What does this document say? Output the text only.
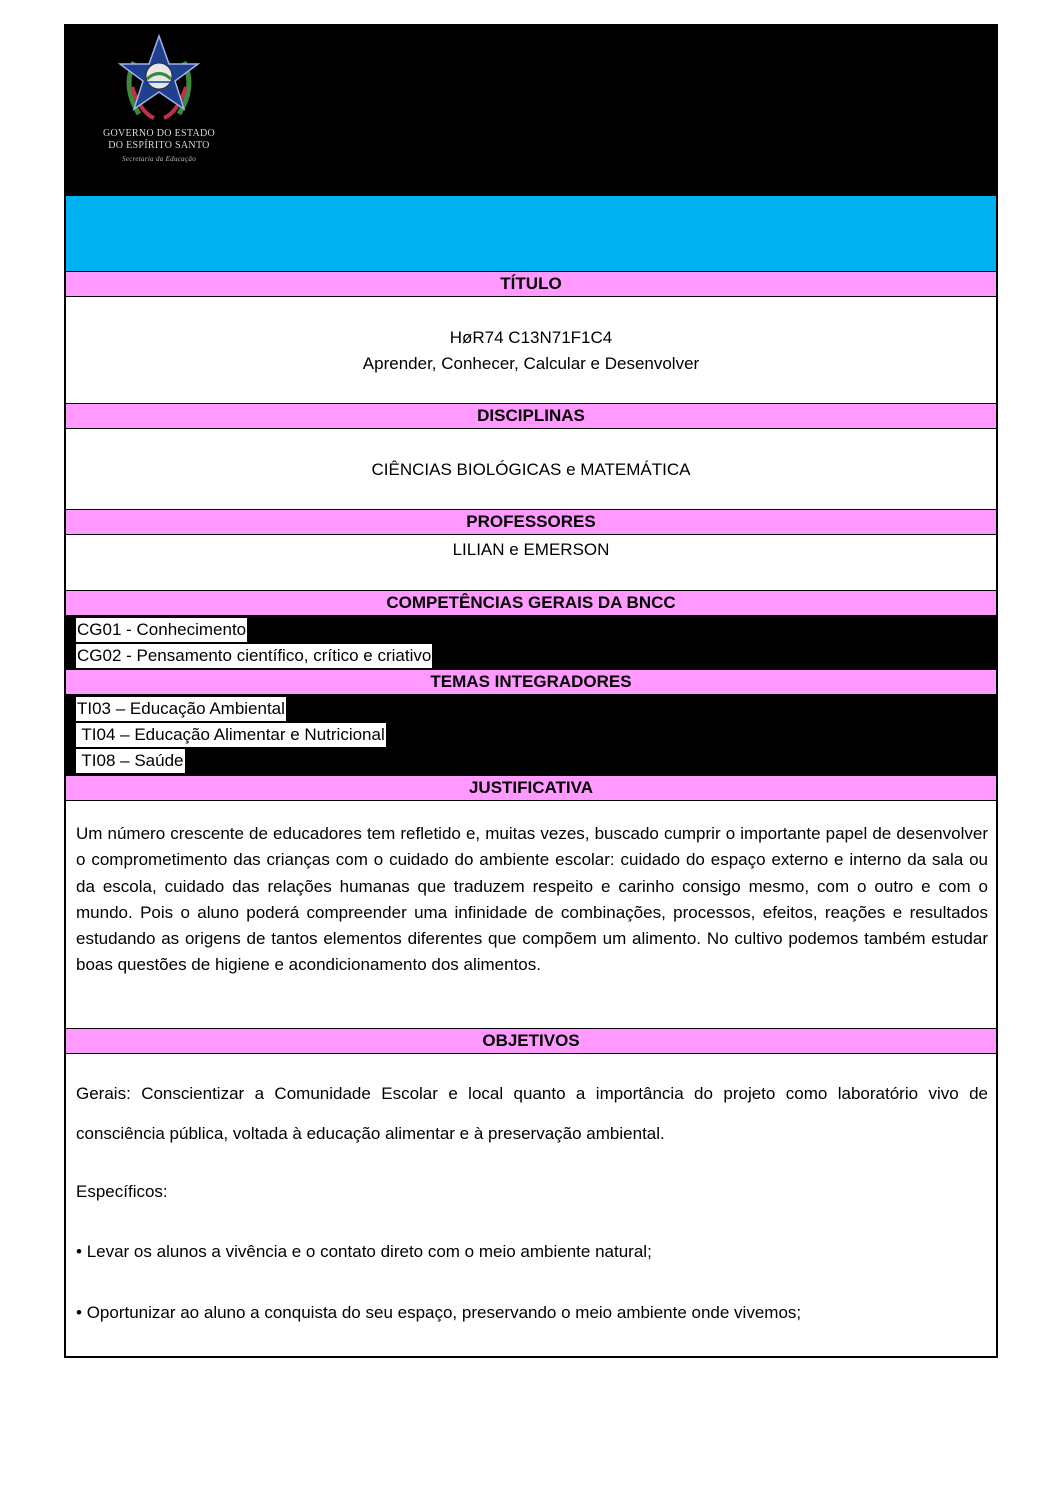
GOVERNO DO ESTADO
DO ESPÍRITO SANTO
Secretaria da Educação
TÍTULO
HøR74 C13N71F1C4
Aprender, Conhecer, Calcular e Desenvolver
DISCIPLINAS
CIÊNCIAS BIOLÓGICAS e MATEMÁTICA
PROFESSORES
LILIAN e EMERSON
COMPETÊNCIAS GERAIS DA BNCC
CG01 - Conhecimento
CG02 - Pensamento científico, crítico e criativo
TEMAS INTEGRADORES
TI03 – Educação Ambiental
TI04 – Educação Alimentar e Nutricional
TI08 – Saúde
JUSTIFICATIVA
Um número crescente de educadores tem refletido e, muitas vezes, buscado cumprir o importante papel de desenvolver o comprometimento das crianças com o cuidado do ambiente escolar: cuidado do espaço externo e interno da sala ou da escola, cuidado das relações humanas que traduzem respeito e carinho consigo mesmo, com o outro e com o mundo. Pois o aluno poderá compreender uma infinidade de combinações, processos, efeitos, reações e resultados estudando as origens de tantos elementos diferentes que compõem um alimento. No cultivo podemos também estudar boas questões de higiene e acondicionamento dos alimentos.
OBJETIVOS
Gerais: Conscientizar a Comunidade Escolar e local quanto a importância do projeto como laboratório vivo de consciência pública, voltada à educação alimentar e à preservação ambiental.
Específicos:
• Levar os alunos a vivência e o contato direto com o meio ambiente natural;
• Oportunizar ao aluno a conquista do seu espaço, preservando o meio ambiente onde vivemos;
